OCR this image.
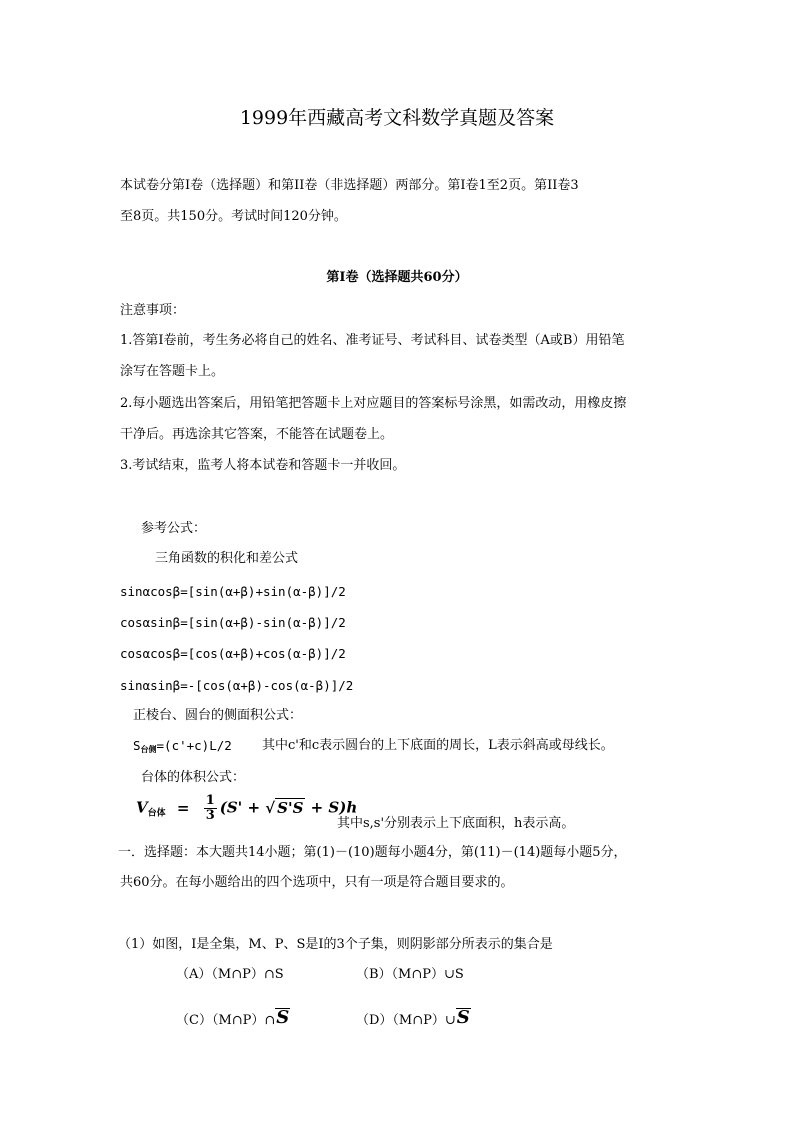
1999年西藏高考文科数学真题及答案
本试卷分第Ⅰ卷（选择题）和第II卷（非选择题）两部分。第Ⅰ卷1至2页。第II卷3
至8页。共150分。考试时间120分钟。
第Ⅰ卷（选择题共60分）
注意事项：
1.答第Ⅰ卷前，考生务必将自己的姓名、准考证号、考试科目、试卷类型（A或B）用铅笔
涂写在答题卡上。
2.每小题选出答案后，用铅笔把答题卡上对应题目的答案标号涂黑，如需改动，用橡皮擦
干净后。再选涂其它答案，不能答在试题卷上。
3.考试结束，监考人将本试卷和答题卡一并收回。
参考公式：
三角函数的积化和差公式
sinαcosβ=[sin(α+β)+sin(α-β)]/2
cosαsinβ=[sin(α+β)-sin(α-β)]/2
cosαcosβ=[cos(α+β)+cos(α-β)]/2
sinαsinβ=-[cos(α+β)-cos(α-β)]/2
正棱台、圆台的侧面积公式：
$S_{台侧}=(c'+c)L/2$ 其中c'和c表示圆台的上下底面的周长，L表示斜高或母线长。
台体的体积公式：
$V_{台体} = \frac{1}{3} (S'$ + √ S'S + S)h
其中s,s'分别表示上下底面积，h表示高。
一．选择题：本大题共14小题；第(1)－(10)题每小题4分，第(11)－(14)题每小题5分，
共60分。在每小题给出的四个选项中，只有一项是符合题目要求的。
（1）如图，I是全集，M、P、S是I的3个子集，则阴影部分所表示的集合是
（A）（M∩P）∩S	（B）（M∩P）∪S
（C）（M∩P）∩S	（D）（M∩P）∪S
